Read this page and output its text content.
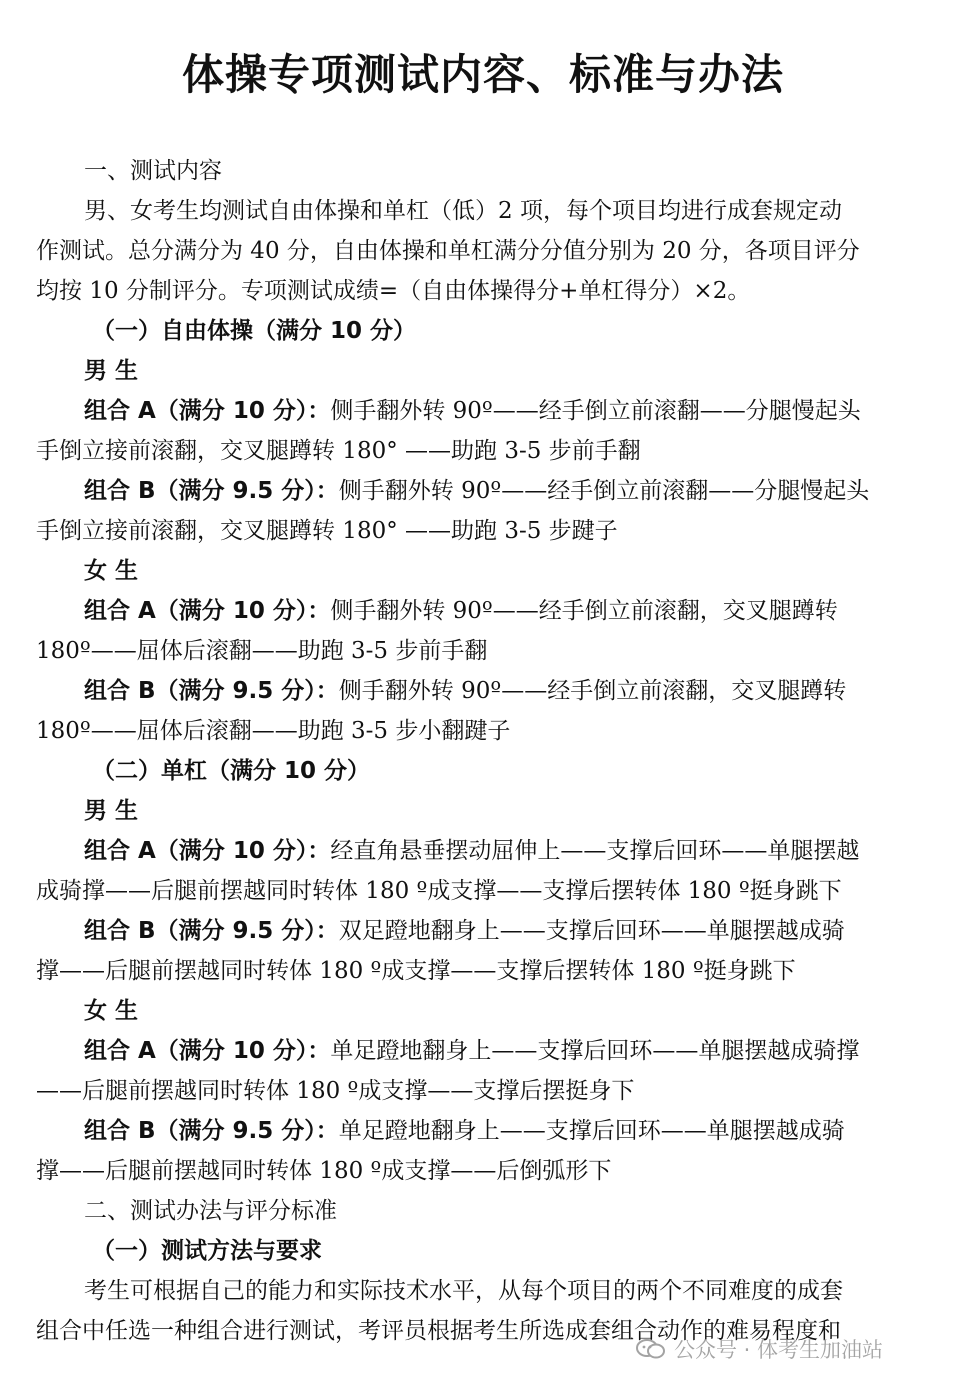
体操专项测试内容、标准与办法
一、测试内容
男、女考生均测试自由体操和单杠（低）2 项，每个项目均进行成套规定动
作测试。总分满分为 40 分，自由体操和单杠满分分值分别为 20 分，各项目评分
均按 10 分制评分。专项测试成绩=（自由体操得分+单杠得分）×2。
（一）自由体操（满分 10 分）
男 生
组合 A（满分 10 分）：侧手翻外转 90º——经手倒立前滚翻——分腿慢起头
手倒立接前滚翻，交叉腿蹲转 180° ——助跑 3-5 步前手翻
组合 B（满分 9.5 分）：侧手翻外转 90º——经手倒立前滚翻——分腿慢起头
手倒立接前滚翻，交叉腿蹲转 180° ——助跑 3-5 步踺子
女 生
组合 A（满分 10 分）：侧手翻外转 90º——经手倒立前滚翻，交叉腿蹲转
180º——屈体后滚翻——助跑 3-5 步前手翻
组合 B（满分 9.5 分）：侧手翻外转 90º——经手倒立前滚翻，交叉腿蹲转
180º——屈体后滚翻——助跑 3-5 步小翻踺子
（二）单杠（满分 10 分）
男 生
组合 A（满分 10 分）：经直角悬垂摆动屈伸上——支撑后回环——单腿摆越
成骑撑——后腿前摆越同时转体 180 º成支撑——支撑后摆转体 180 º挺身跳下
组合 B（满分 9.5 分）：双足蹬地翻身上——支撑后回环——单腿摆越成骑
撑——后腿前摆越同时转体 180 º成支撑——支撑后摆转体 180 º挺身跳下
女 生
组合 A（满分 10 分）：单足蹬地翻身上——支撑后回环——单腿摆越成骑撑
——后腿前摆越同时转体 180 º成支撑——支撑后摆挺身下
组合 B（满分 9.5 分）：单足蹬地翻身上——支撑后回环——单腿摆越成骑
撑——后腿前摆越同时转体 180 º成支撑——后倒弧形下
二、测试办法与评分标准
（一）测试方法与要求
考生可根据自己的能力和实际技术水平，从每个项目的两个不同难度的成套
组合中任选一种组合进行测试，考评员根据考生所选成套组合动作的难易程度和
公众号 · 体考生加油站
